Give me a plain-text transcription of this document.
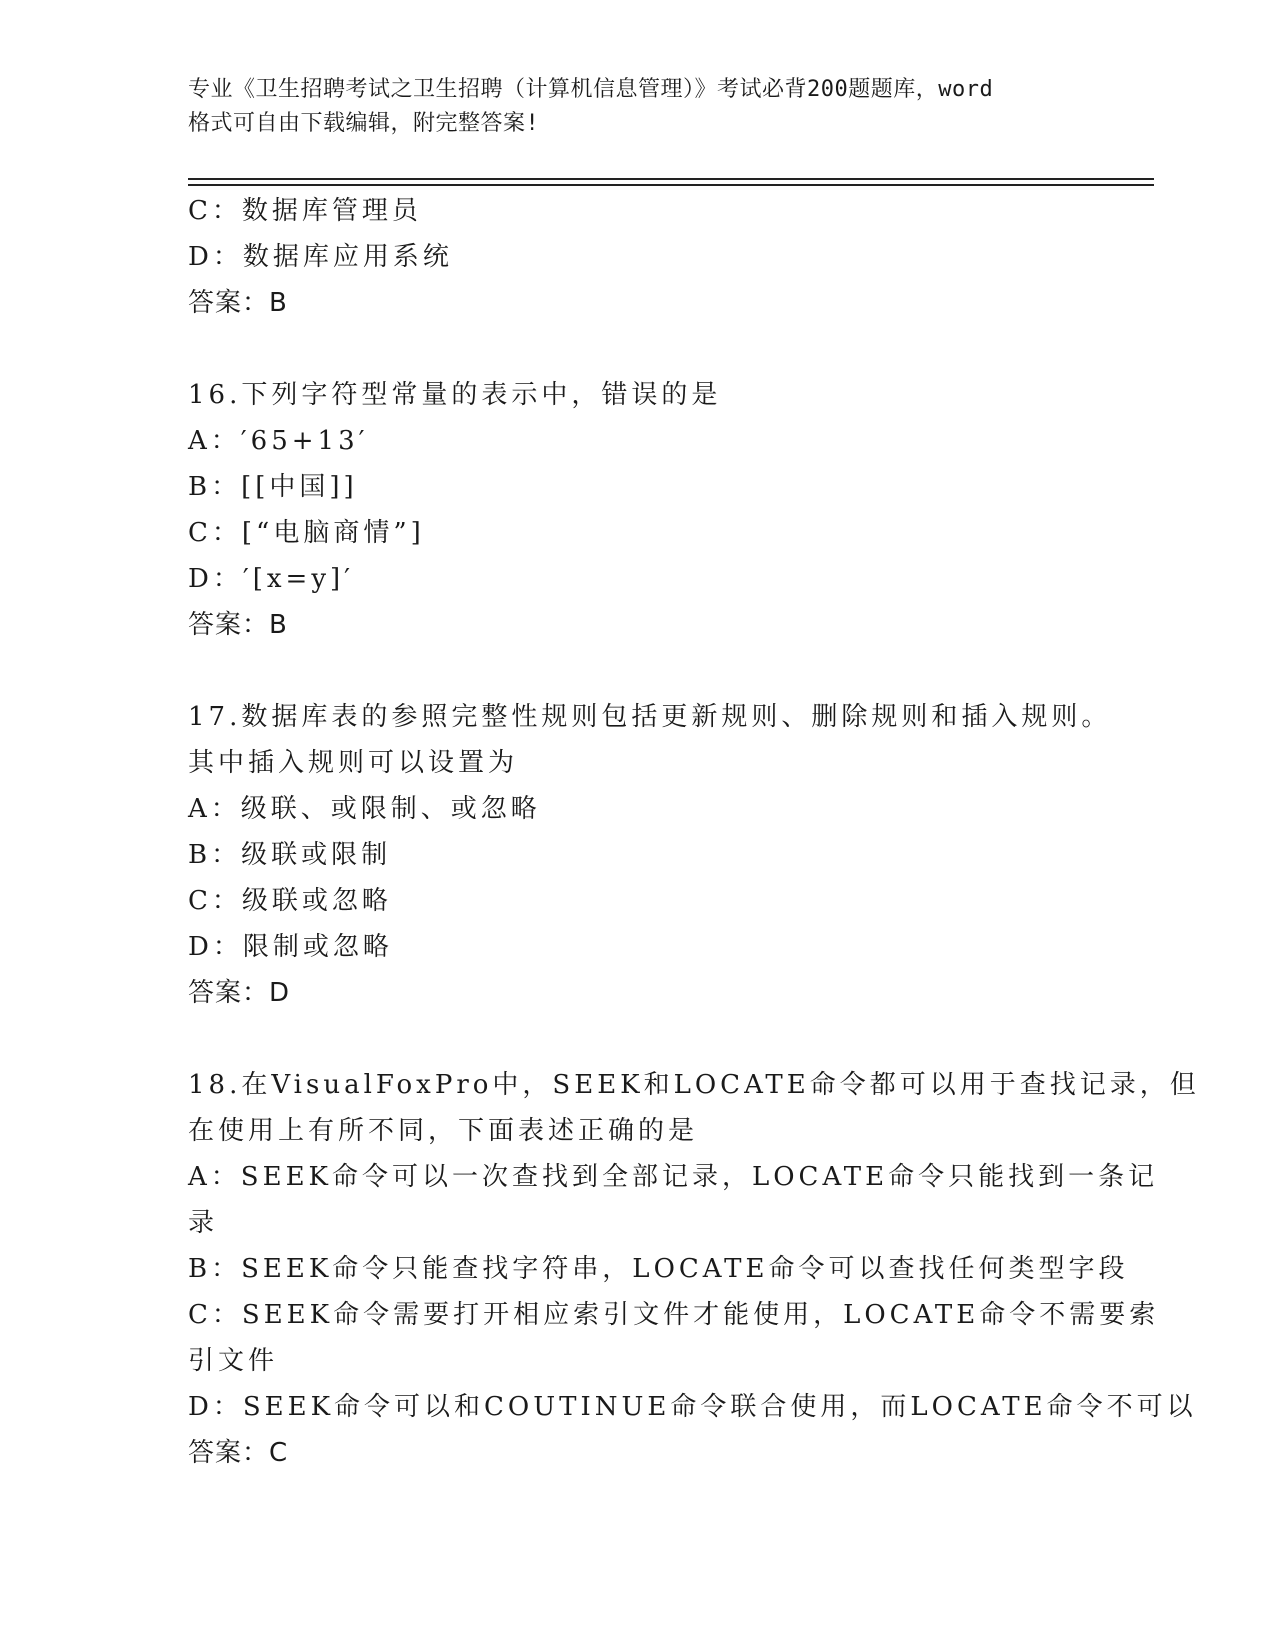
专业《卫生招聘考试之卫生招聘（计算机信息管理）》考试必背200题题库，word
格式可自由下载编辑，附完整答案!
C：数据库管理员
D：数据库应用系统
答案：B
16.下列字符型常量的表示中，错误的是
A：′65+13′
B：[[中国]]
C：[“电脑商情”]
D：′[x=y]′
答案：B
17.数据库表的参照完整性规则包括更新规则、删除规则和插入规则。
其中插入规则可以设置为
A：级联、或限制、或忽略
B：级联或限制
C：级联或忽略
D：限制或忽略
答案：D
18.在VisualFoxPro中，SEEK和LOCATE命令都可以用于查找记录，但
在使用上有所不同，下面表述正确的是
A：SEEK命令可以一次查找到全部记录，LOCATE命令只能找到一条记
录
B：SEEK命令只能查找字符串，LOCATE命令可以查找任何类型字段
C：SEEK命令需要打开相应索引文件才能使用，LOCATE命令不需要索
引文件
D：SEEK命令可以和COUTINUE命令联合使用，而LOCATE命令不可以
答案：C
